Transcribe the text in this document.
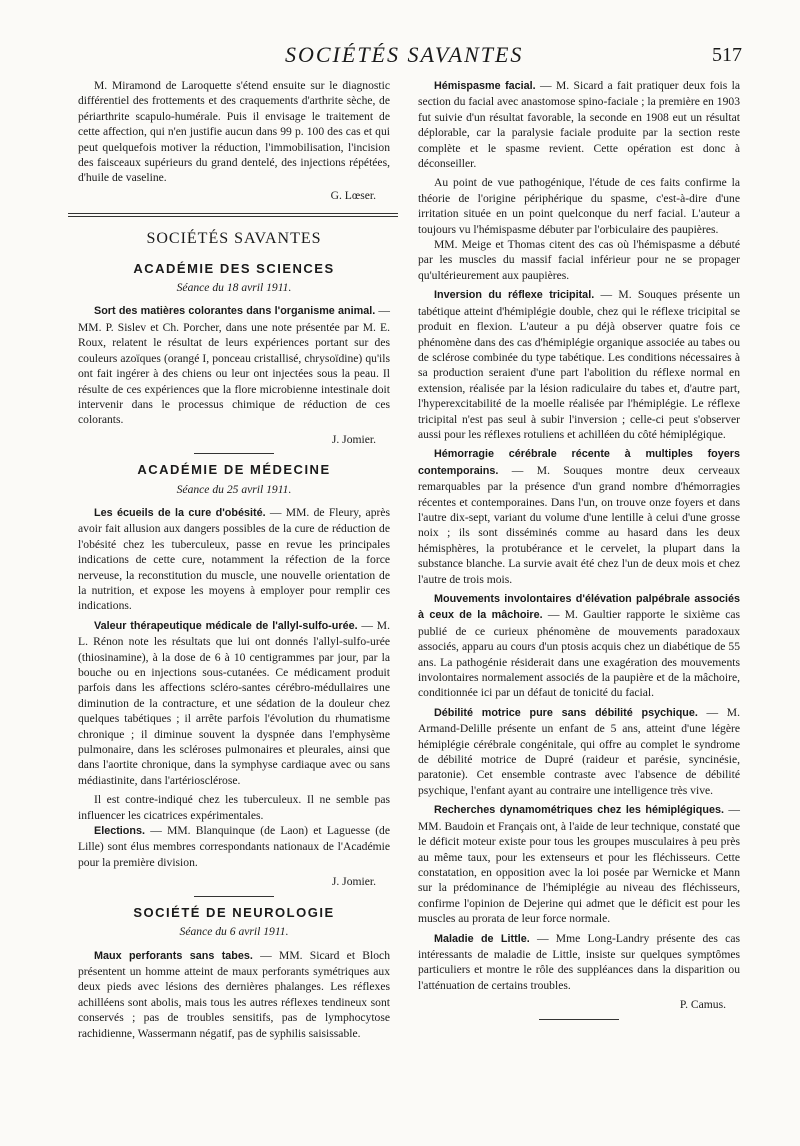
SOCIÉTÉS SAVANTES	517

M. Miramond de Laroquette s'étend ensuite sur le diagnostic différentiel des frottements et des craquements d'arthrite sèche, de périarthrite scapulo-humérale. Puis il envisage le traitement de cette affection, qui n'en justifie aucun dans 99 p. 100 des cas et qui peut quelquefois motiver la réduction, l'immobilisation, l'incision des faisceaux supérieurs du grand dentelé, des injections répétées, d'huile de vaseline.

G. Lœser.

SOCIÉTÉS SAVANTES

ACADÉMIE DES SCIENCES

Séance du 18 avril 1911.

Sort des matières colorantes dans l'organisme animal. — MM. P. Sislev et Ch. Porcher, dans une note présentée par M. E. Roux, relatent le résultat de leurs expériences portant sur des couleurs azoïques (orangé I, ponceau cristallisé, chrysoïdine) qu'ils ont fait ingérer à des chiens ou leur ont injectées sous la peau. Il résulte de ces expériences que la flore microbienne intestinale doit intervenir dans le processus chimique de réduction de ces colorants.

J. Jomier.

ACADÉMIE DE MÉDECINE

Séance du 25 avril 1911.

Les écueils de la cure d'obésité. — MM. de Fleury, après avoir fait allusion aux dangers possibles de la cure de réduction de l'obésité chez les tuberculeux, passe en revue les principales indications de cette cure, notamment la réfection de la force nerveuse, la reconstitution du muscle, une nouvelle orientation de la nutrition, et expose les moyens à employer pour remplir ces indications.

Valeur thérapeutique médicale de l'allyl-sulfo-urée. — M. L. Rénon note les résultats que lui ont donnés l'allyl-sulfo-urée (thiosinamine), à la dose de 6 à 10 centigrammes par jour, par la bouche ou en injections sous-cutanées. Ce médicament produit parfois dans les affections scléro-santes cérébro-médullaires une diminution de la contracture, et une sédation de la douleur chez quelques tabétiques ; il arrête parfois l'évolution du rhumatisme chronique ; il diminue souvent la dyspnée dans l'emphysème pulmonaire, dans les scléroses pulmonaires et pleurales, ainsi que dans l'aortite chronique, dans la symphyse cardiaque avec ou sans médiastinite, dans l'artériosclérose.

Il est contre-indiqué chez les tuberculeux. Il ne semble pas influencer les cicatrices expérimentales.

Elections. — MM. Blanquinque (de Laon) et Laguesse (de Lille) sont élus membres correspondants nationaux de l'Académie pour la première division.

J. Jomier.

SOCIÉTÉ DE NEUROLOGIE

Séance du 6 avril 1911.

Maux perforants sans tabes. — MM. Sicard et Bloch présentent un homme atteint de maux perforants symétriques aux deux pieds avec lésions des dernières phalanges. Les réflexes achilléens sont abolis, mais tous les autres réflexes tendineux sont conservés ; pas de troubles sensitifs, pas de lymphocytose rachidienne, Wassermann négatif, pas de syphilis saisissable.

Hémispasme facial. — M. Sicard a fait pratiquer deux fois la section du facial avec anastomose spino-faciale ; la première en 1903 fut suivie d'un résultat favorable, la seconde en 1908 eut un résultat déplorable, car la paralysie faciale produite par la section reste complète et le spasme revient. Cette opération est donc à déconseiller.

Au point de vue pathogénique, l'étude de ces faits confirme la théorie de l'origine périphérique du spasme, c'est-à-dire d'une irritation située en un point quelconque du nerf facial. L'auteur a toujours vu l'hémispasme débuter par l'orbiculaire des paupières.

MM. Meige et Thomas citent des cas où l'hémispasme a débuté par les muscles du massif facial inférieur pour ne se propager qu'ultérieurement aux paupières.

Inversion du réflexe tricipital. — M. Souques présente un tabétique atteint d'hémiplégie double, chez qui le réflexe tricipital se produit en flexion. L'auteur a pu déjà observer quatre fois ce phénomène dans des cas d'hémiplégie organique associée au tabes ou de sclérose combinée du type tabétique. Les conditions nécessaires à sa production seraient d'une part l'abolition du réflexe normal en extension, réalisée par la lésion radiculaire du tabes et, d'autre part, l'hyperexcitabilité de la moelle réalisée par l'hémiplégie. Le réflexe tricipital n'est pas seul à subir l'inversion ; celle-ci peut s'observer aussi pour les réflexes rotuliens et achilléen du côté hémiplégique.

Hémorragie cérébrale récente à multiples foyers contemporains. — M. Souques montre deux cerveaux remarquables par la présence d'un grand nombre d'hémorragies récentes et contemporaines. Dans l'un, on trouve onze foyers et dans l'autre dix-sept, variant du volume d'une lentille à celui d'une grosse noix ; ils sont disséminés comme au hasard dans les deux hémisphères, la protubérance et le cervelet, la plupart dans la substance blanche. La survie avait été chez l'un de deux mois et chez l'autre de trois mois.

Mouvements involontaires d'élévation palpébrale associés à ceux de la mâchoire. — M. Gaultier rapporte le sixième cas publié de ce curieux phénomène de mouvements paradoxaux associés, apparu au cours d'un ptosis acquis chez un diabétique de 55 ans. La pathogénie résiderait dans une exagération des mouvements involontaires normalement associés de la paupière et de la mâchoire, conditionnée ici par un défaut de tonicité du facial.

Débilité motrice pure sans débilité psychique. — M. Armand-Delille présente un enfant de 5 ans, atteint d'une légère hémiplégie cérébrale congénitale, qui offre au complet le syndrome de débilité motrice de Dupré (raideur et parésie, syncinésie, paratonie). Cet ensemble contraste avec l'absence de débilité psychique, l'enfant ayant au contraire une intelligence très vive.

Recherches dynamométriques chez les hémiplégiques. — MM. Baudoin et Français ont, à l'aide de leur technique, constaté que le déficit moteur existe pour tous les groupes musculaires à peu près au même taux, pour les extenseurs et pour les fléchisseurs. Cette constatation, en opposition avec la loi posée par Wernicke et Mann sur la prédominance de l'hémiplégie au niveau des fléchisseurs, confirme l'opinion de Dejerine qui admet que le déficit est pour les muscles au prorata de leur force normale.

Maladie de Little. — Mme Long-Landry présente des cas intéressants de maladie de Little, insiste sur quelques symptômes particuliers et montre le rôle des suppléances dans la disparition ou l'atténuation de certains troubles.

P. Camus.
